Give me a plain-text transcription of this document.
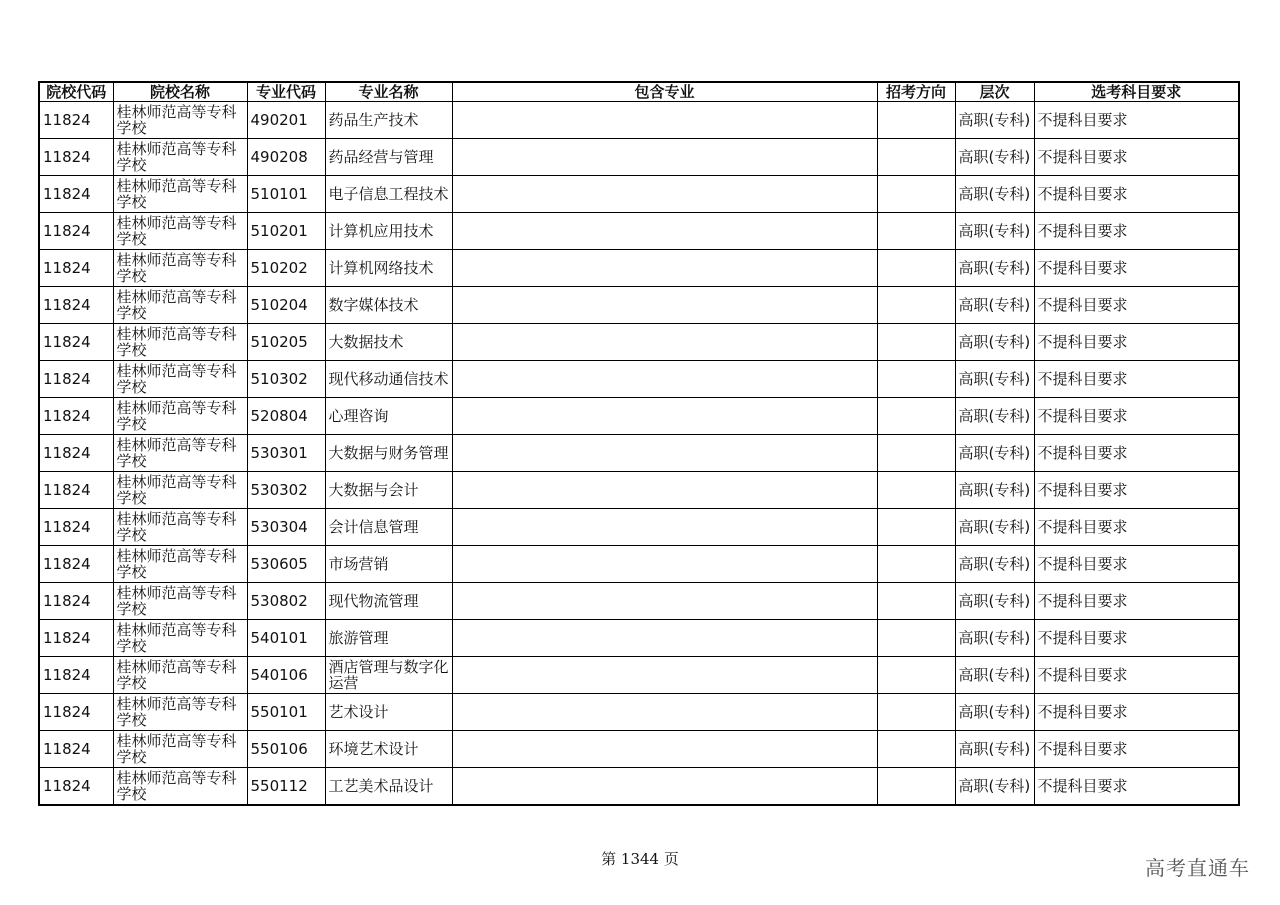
院校代码	院校名称	专业代码	专业名称	包含专业	招考方向	层次	选考科目要求
11824	桂林师范高等专科学校	490201	药品生产技术			高职(专科)	不提科目要求
11824	桂林师范高等专科学校	490208	药品经营与管理			高职(专科)	不提科目要求
11824	桂林师范高等专科学校	510101	电子信息工程技术			高职(专科)	不提科目要求
11824	桂林师范高等专科学校	510201	计算机应用技术			高职(专科)	不提科目要求
11824	桂林师范高等专科学校	510202	计算机网络技术			高职(专科)	不提科目要求
11824	桂林师范高等专科学校	510204	数字媒体技术			高职(专科)	不提科目要求
11824	桂林师范高等专科学校	510205	大数据技术			高职(专科)	不提科目要求
11824	桂林师范高等专科学校	510302	现代移动通信技术			高职(专科)	不提科目要求
11824	桂林师范高等专科学校	520804	心理咨询			高职(专科)	不提科目要求
11824	桂林师范高等专科学校	530301	大数据与财务管理			高职(专科)	不提科目要求
11824	桂林师范高等专科学校	530302	大数据与会计			高职(专科)	不提科目要求
11824	桂林师范高等专科学校	530304	会计信息管理			高职(专科)	不提科目要求
11824	桂林师范高等专科学校	530605	市场营销			高职(专科)	不提科目要求
11824	桂林师范高等专科学校	530802	现代物流管理			高职(专科)	不提科目要求
11824	桂林师范高等专科学校	540101	旅游管理			高职(专科)	不提科目要求
11824	桂林师范高等专科学校	540106	酒店管理与数字化运营			高职(专科)	不提科目要求
11824	桂林师范高等专科学校	550101	艺术设计			高职(专科)	不提科目要求
11824	桂林师范高等专科学校	550106	环境艺术设计			高职(专科)	不提科目要求
11824	桂林师范高等专科学校	550112	工艺美术品设计			高职(专科)	不提科目要求
第 1344 页	高考直通车
